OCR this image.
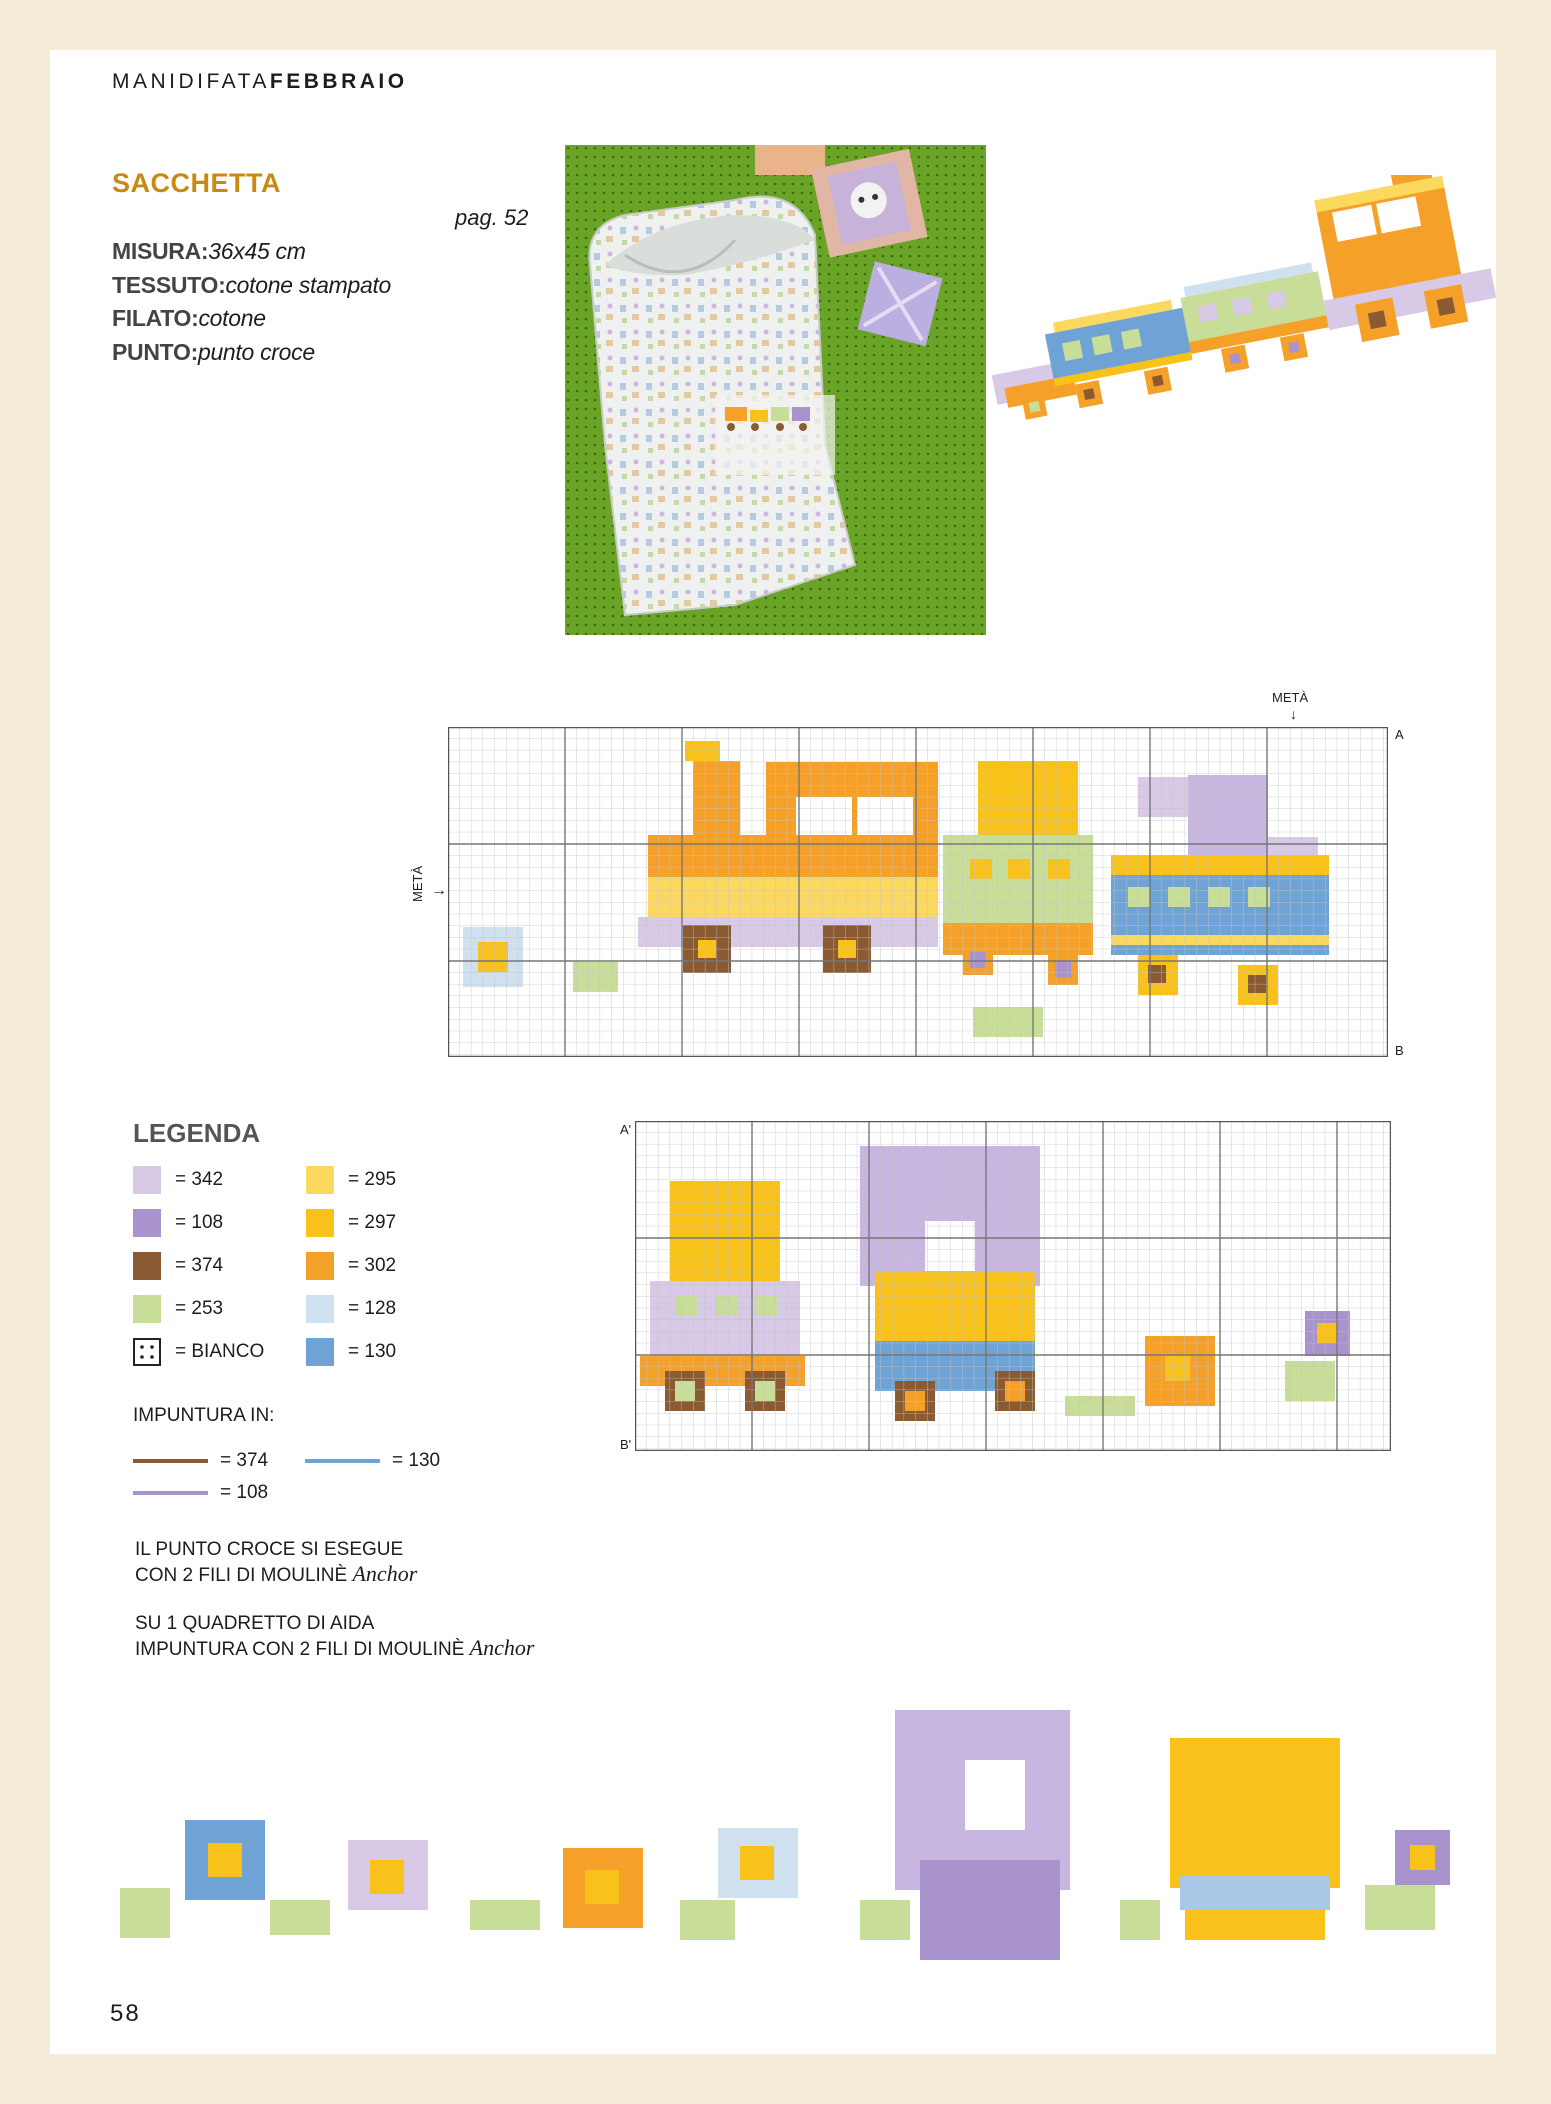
MANIDIFATAFEBBRAIO
SACCHETTA
pag. 52
MISURA:36x45 cm
TESSUTO:cotone stampato
FILATO:cotone
PUNTO:punto croce
METÀ
↓
A
B
METÀ →
A'
B'
LEGENDA
= 342
= 108
= 374
= 253
= BIANCO
= 295
= 297
= 302
= 128
= 130
IMPUNTURA IN:
= 374	= 130
= 108
IL PUNTO CROCE SI ESEGUE
CON 2 FILI DI MOULINÈ Anchor
SU 1 QUADRETTO DI AIDA
IMPUNTURA CON 2 FILI DI MOULINÈ Anchor
58
